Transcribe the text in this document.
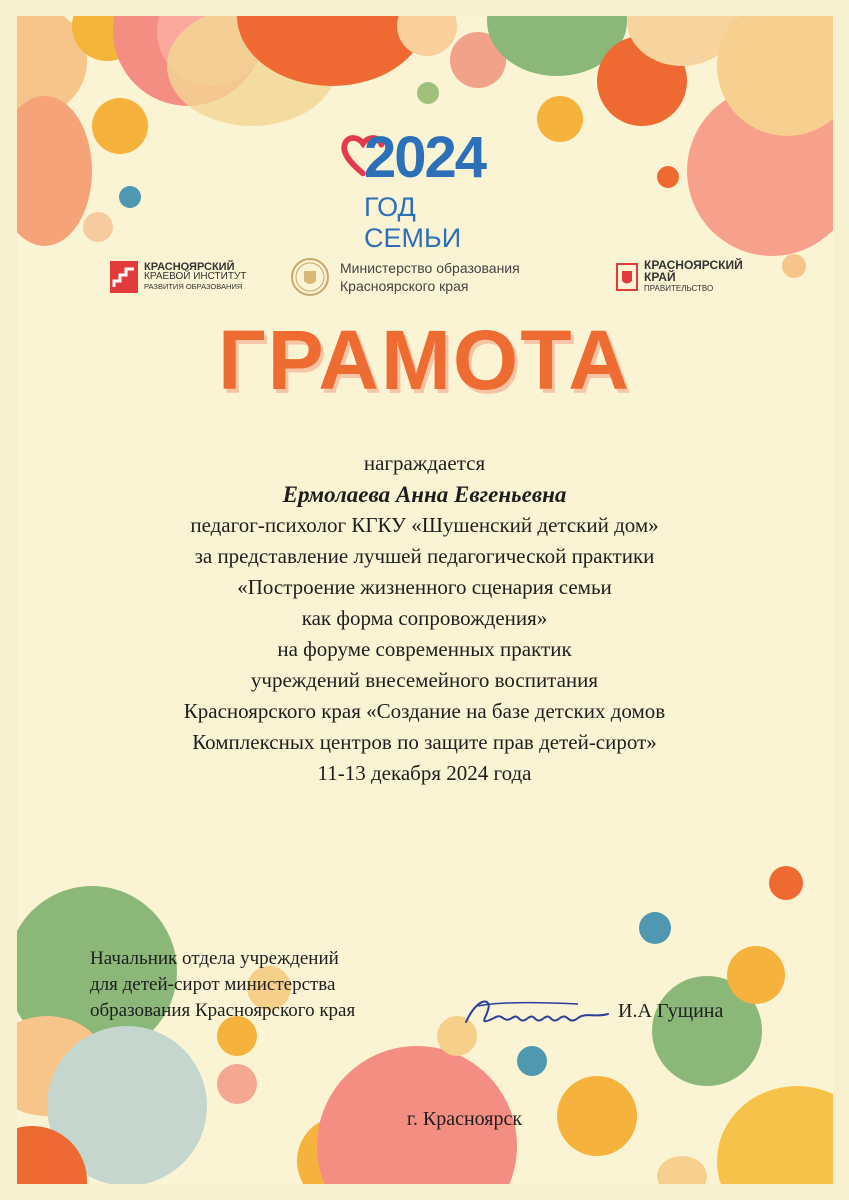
2024
ГОД СЕМЬИ
КРАСНОЯРСКИЙ
КРАЕВОЙ ИНСТИТУТ
РАЗВИТИЯ ОБРАЗОВАНИЯ
Министерство образования
Красноярского края
КРАСНОЯРСКИЙ
КРАЙ
ПРАВИТЕЛЬСТВО
ГРАМОТА
награждается
Ермолаева Анна Евгеньевна
педагог-психолог КГКУ «Шушенский детский дом»
за представление лучшей педагогической практики
«Построение жизненного сценария семьи
как форма сопровождения»
на форуме современных практик
учреждений внесемейного воспитания
Красноярского края «Создание на базе детских домов
Комплексных центров по защите прав детей-сирот»
11-13 декабря 2024 года
Начальник отдела учреждений
для детей-сирот министерства
образования Красноярского края	И.А Гущина
г. Красноярск
